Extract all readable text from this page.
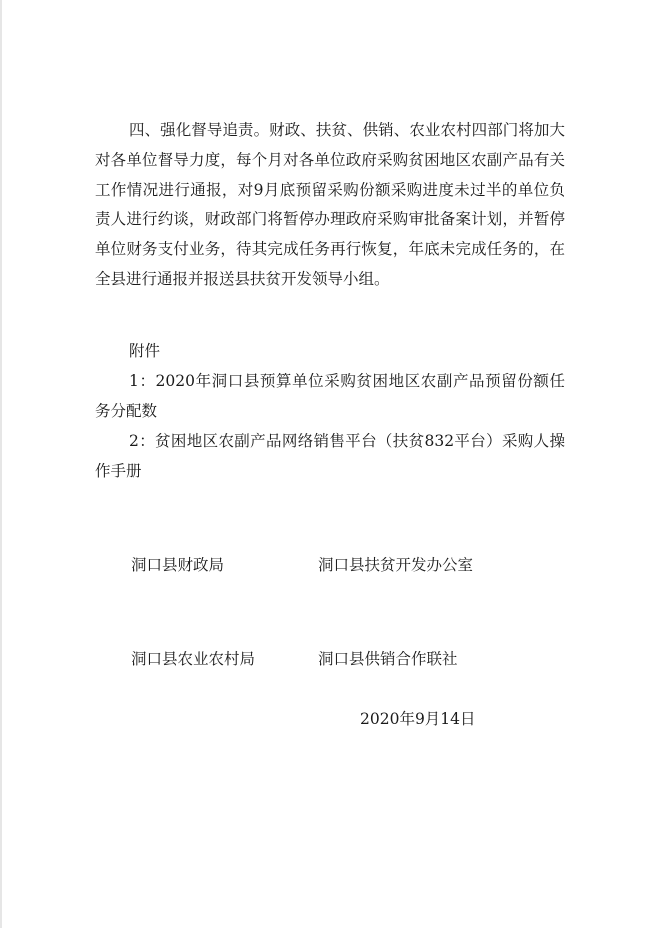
四、强化督导追责。财政、扶贫、供销、农业农村四部门将加大对各单位督导力度，每个月对各单位政府采购贫困地区农副产品有关工作情况进行通报，对9月底预留采购份额采购进度未过半的单位负责人进行约谈，财政部门将暂停办理政府采购审批备案计划，并暂停单位财务支付业务，待其完成任务再行恢复，年底未完成任务的，在全县进行通报并报送县扶贫开发领导小组。
附件
1：2020年洞口县预算单位采购贫困地区农副产品预留份额任务分配数
2：贫困地区农副产品网络销售平台（扶贫832平台）采购人操作手册
洞口县财政局	洞口县扶贫开发办公室
洞口县农业农村局	洞口县供销合作联社
2020年9月14日
